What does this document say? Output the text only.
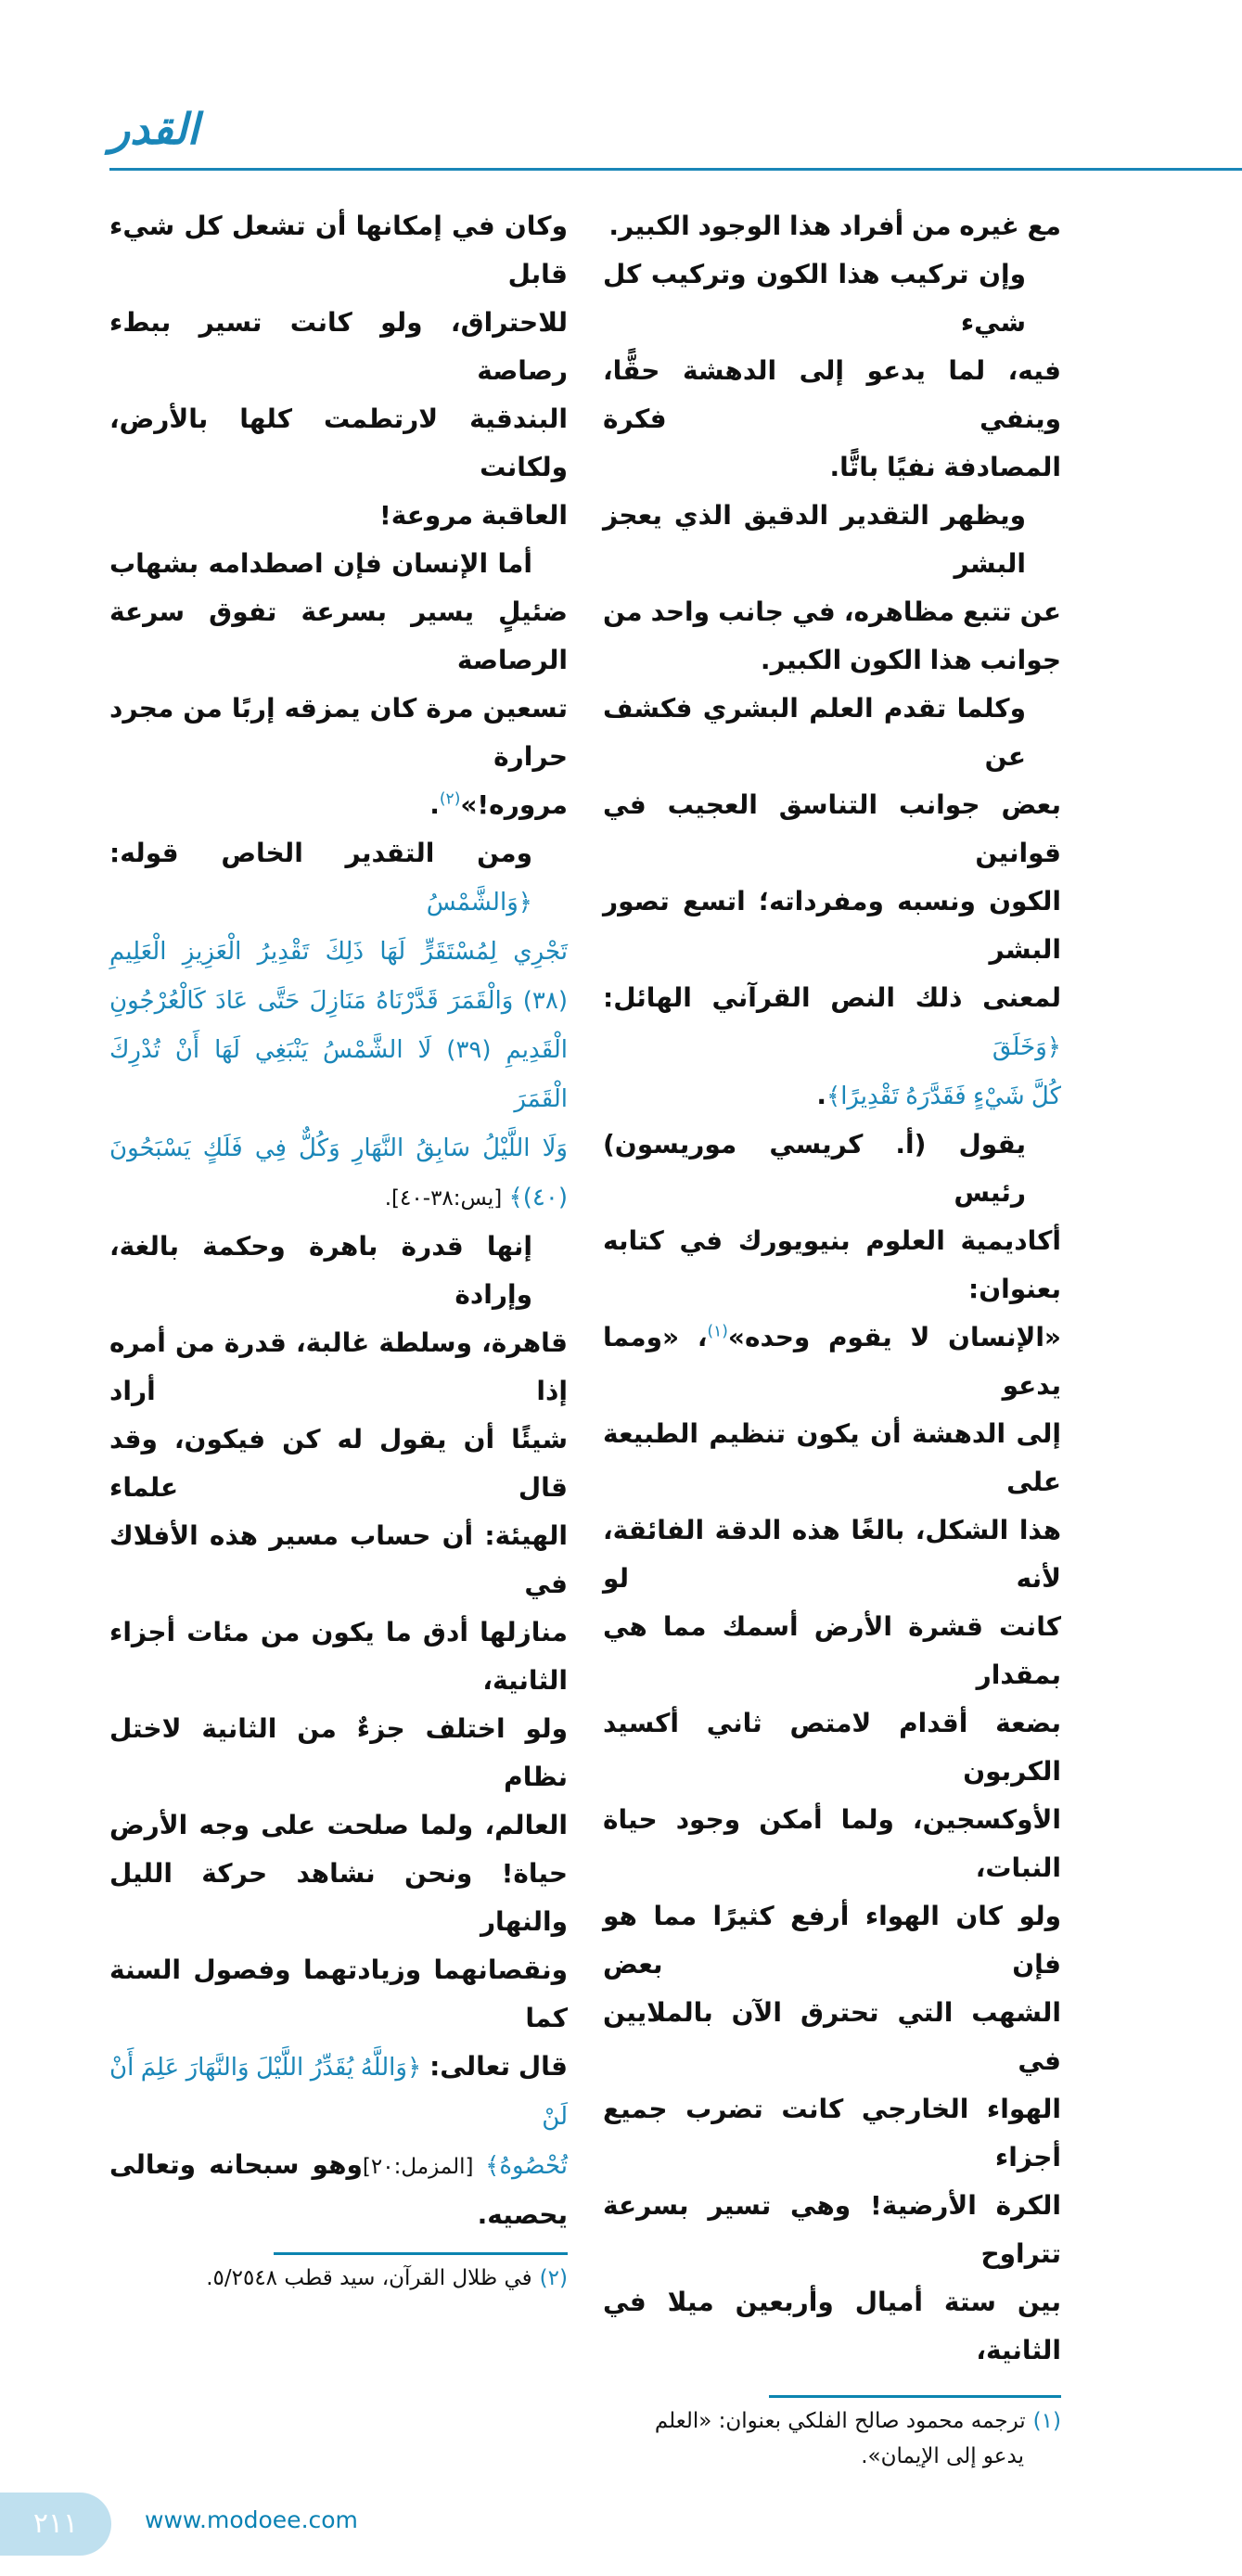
القدر
مع غيره من أفراد هذا الوجود الكبير.
وإن تركيب هذا الكون وتركيب كل شيء
فيه، لما يدعو إلى الدهشة حقًّا، وينفي فكرة
المصادفة نفيًا باتًّا.
ويظهر التقدير الدقيق الذي يعجز البشر
عن تتبع مظاهره، في جانب واحد من
جوانب هذا الكون الكبير.
وكلما تقدم العلم البشري فكشف عن
بعض جوانب التناسق العجيب في قوانين
الكون ونسبه ومفرداته؛ اتسع تصور البشر
لمعنى ذلك النص القرآني الهائل: ﴿وَخَلَقَ
كُلَّ شَيْءٍ فَقَدَّرَهُ تَقْدِيرًا﴾.
يقول (أ. كريسي موريسون) رئيس
أكاديمية العلوم بنيويورك في كتابه بعنوان:
«الإنسان لا يقوم وحده»$^{(١)}$، «ومما يدعو
إلى الدهشة أن يكون تنظيم الطبيعة على
هذا الشكل، بالغًا هذه الدقة الفائقة، لأنه لو
كانت قشرة الأرض أسمك مما هي بمقدار
بضعة أقدام لامتص ثاني أكسيد الكربون
الأوكسجين، ولما أمكن وجود حياة النبات،
ولو كان الهواء أرفع كثيرًا مما هو فإن بعض
الشهب التي تحترق الآن بالملايين في
الهواء الخارجي كانت تضرب جميع أجزاء
الكرة الأرضية! وهي تسير بسرعة تتراوح
بين ستة أميال وأربعين ميلا في الثانية،
(١)ترجمه محمود صالح الفلكي بعنوان: «العلم
يدعو إلى الإيمان».
وكان في إمكانها أن تشعل كل شيء قابل
للاحتراق، ولو كانت تسير ببطء رصاصة
البندقية لارتطمت كلها بالأرض، ولكانت
العاقبة مروعة!
أما الإنسان فإن اصطدامه بشهاب
ضئيلٍ يسير بسرعة تفوق سرعة الرصاصة
تسعين مرة كان يمزقه إربًا من مجرد حرارة
مروره!»$^{(٢)}$.
ومن التقدير الخاص قوله: ﴿وَالشَّمْسُ
تَجْرِي لِمُسْتَقَرٍّ لَهَا ذَلِكَ تَقْدِيرُ الْعَزِيزِ الْعَلِيمِ
(٣٨) وَالْقَمَرَ قَدَّرْنَاهُ مَنَازِلَ حَتَّى عَادَ كَالْعُرْجُونِ
الْقَدِيمِ (٣٩) لَا الشَّمْسُ يَنْبَغِي لَهَا أَنْ تُدْرِكَ الْقَمَرَ
وَلَا اللَّيْلُ سَابِقُ النَّهَارِ وَكُلٌّ فِي فَلَكٍ يَسْبَحُونَ
(٤٠)﴾ [يس:٣٨-٤٠].
إنها قدرة باهرة وحكمة بالغة، وإرادة
قاهرة، وسلطة غالبة، قدرة من أمره إذا أراد
شيئًا أن يقول له كن فيكون، وقد قال علماء
الهيئة: أن حساب مسير هذه الأفلاك في
منازلها أدق ما يكون من مئات أجزاء الثانية،
ولو اختلف جزءٌ من الثانية لاختل نظام
العالم، ولما صلحت على وجه الأرض
حياة! ونحن نشاهد حركة الليل والنهار
ونقصانهما وزيادتهما وفصول السنة كما
قال تعالى: ﴿وَاللَّهُ يُقَدِّرُ اللَّيْلَ وَالنَّهَارَ عَلِمَ أَنْ لَنْ
تُحْصُوهُ﴾ [المزمل:٢٠]وهو سبحانه وتعالى
يحصيه.
(٢)في ظلال القرآن، سيد قطب ٥/٢٥٤٨.
٢١١	www.modoee.com
